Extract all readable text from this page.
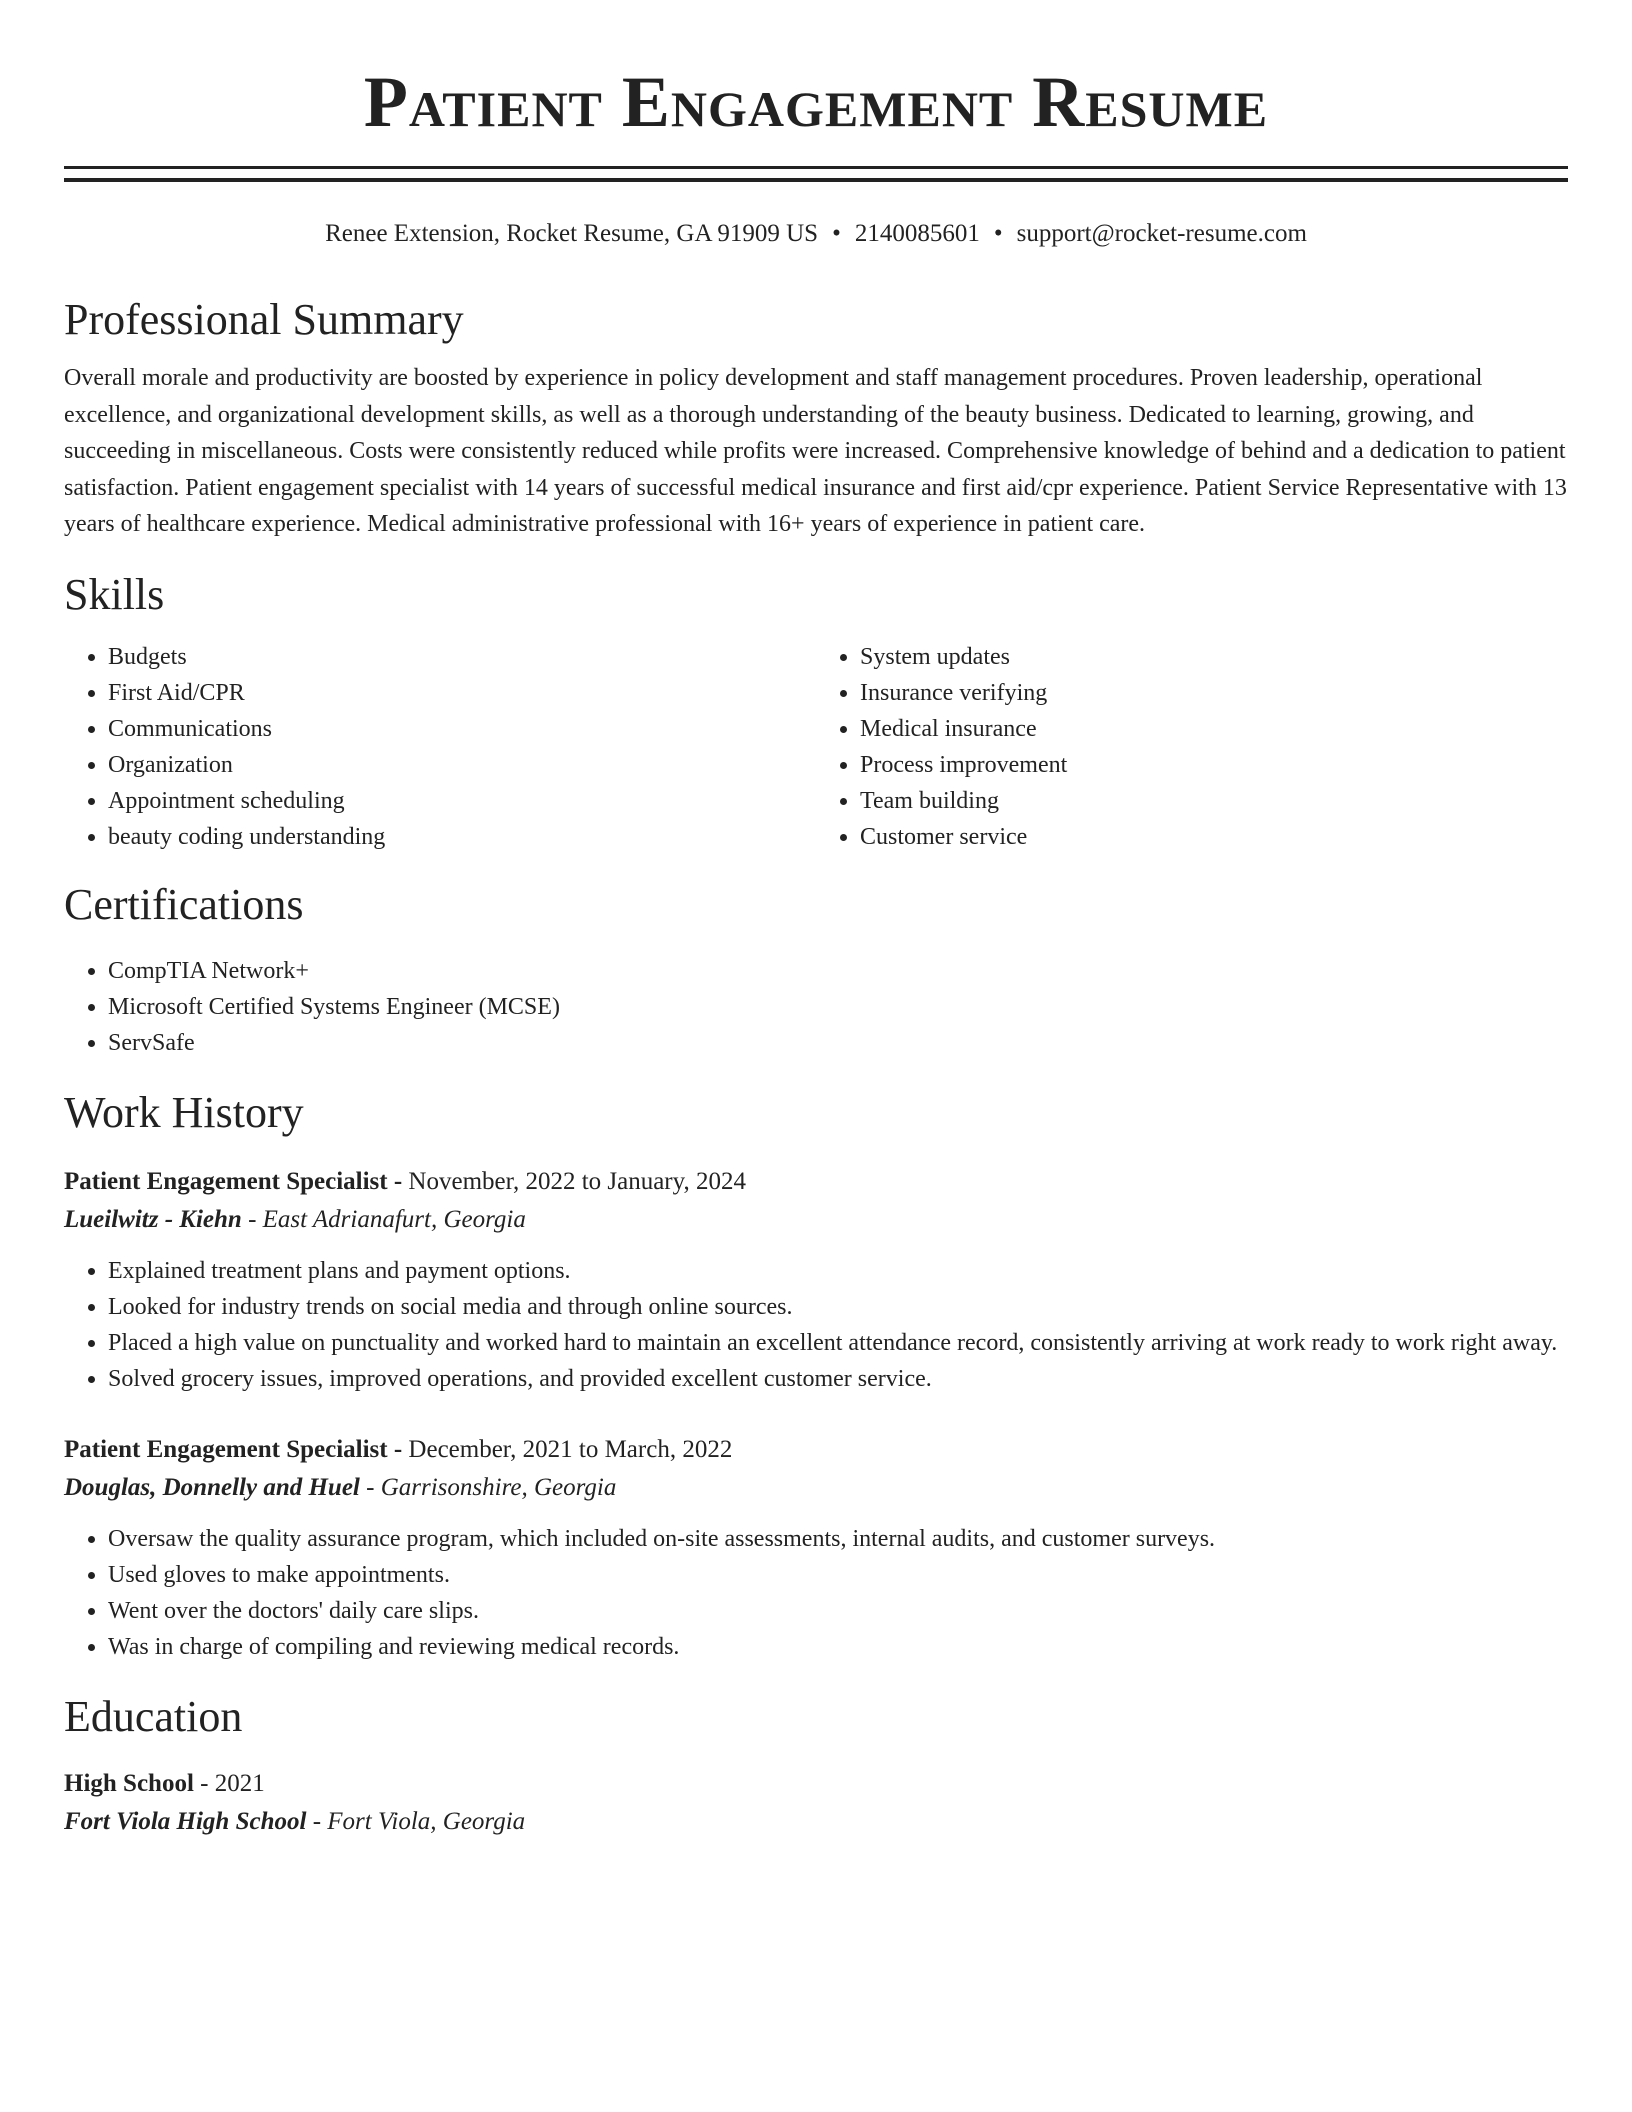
Patient Engagement Resume
Renee Extension, Rocket Resume, GA 91909 US • 2140085601 • support@rocket-resume.com
Professional Summary

Overall morale and productivity are boosted by experience in policy development and staff management procedures. Proven leadership, operational excellence, and organizational development skills, as well as a thorough understanding of the beauty business. Dedicated to learning, growing, and succeeding in miscellaneous. Costs were consistently reduced while profits were increased. Comprehensive knowledge of behind and a dedication to patient satisfaction. Patient engagement specialist with 14 years of successful medical insurance and first aid/cpr experience. Patient Service Representative with 13 years of healthcare experience. Medical administrative professional with 16+ years of experience in patient care.

Skills
• Budgets
• First Aid/CPR
• Communications
• Organization
• Appointment scheduling
• beauty coding understanding
• System updates
• Insurance verifying
• Medical insurance
• Process improvement
• Team building
• Customer service
Certifications
• CompTIA Network+
• Microsoft Certified Systems Engineer (MCSE)
• ServSafe
Work History
Patient Engagement Specialist - November, 2022 to January, 2024
Lueilwitz - Kiehn - East Adrianafurt, Georgia
• Explained treatment plans and payment options.
• Looked for industry trends on social media and through online sources.
• Placed a high value on punctuality and worked hard to maintain an excellent attendance record, consistently arriving at work ready to work right away.
• Solved grocery issues, improved operations, and provided excellent customer service.
Patient Engagement Specialist - December, 2021 to March, 2022
Douglas, Donnelly and Huel - Garrisonshire, Georgia
• Oversaw the quality assurance program, which included on-site assessments, internal audits, and customer surveys.
• Used gloves to make appointments.
• Went over the doctors' daily care slips.
• Was in charge of compiling and reviewing medical records.
Education
High School - 2021
Fort Viola High School - Fort Viola, Georgia
